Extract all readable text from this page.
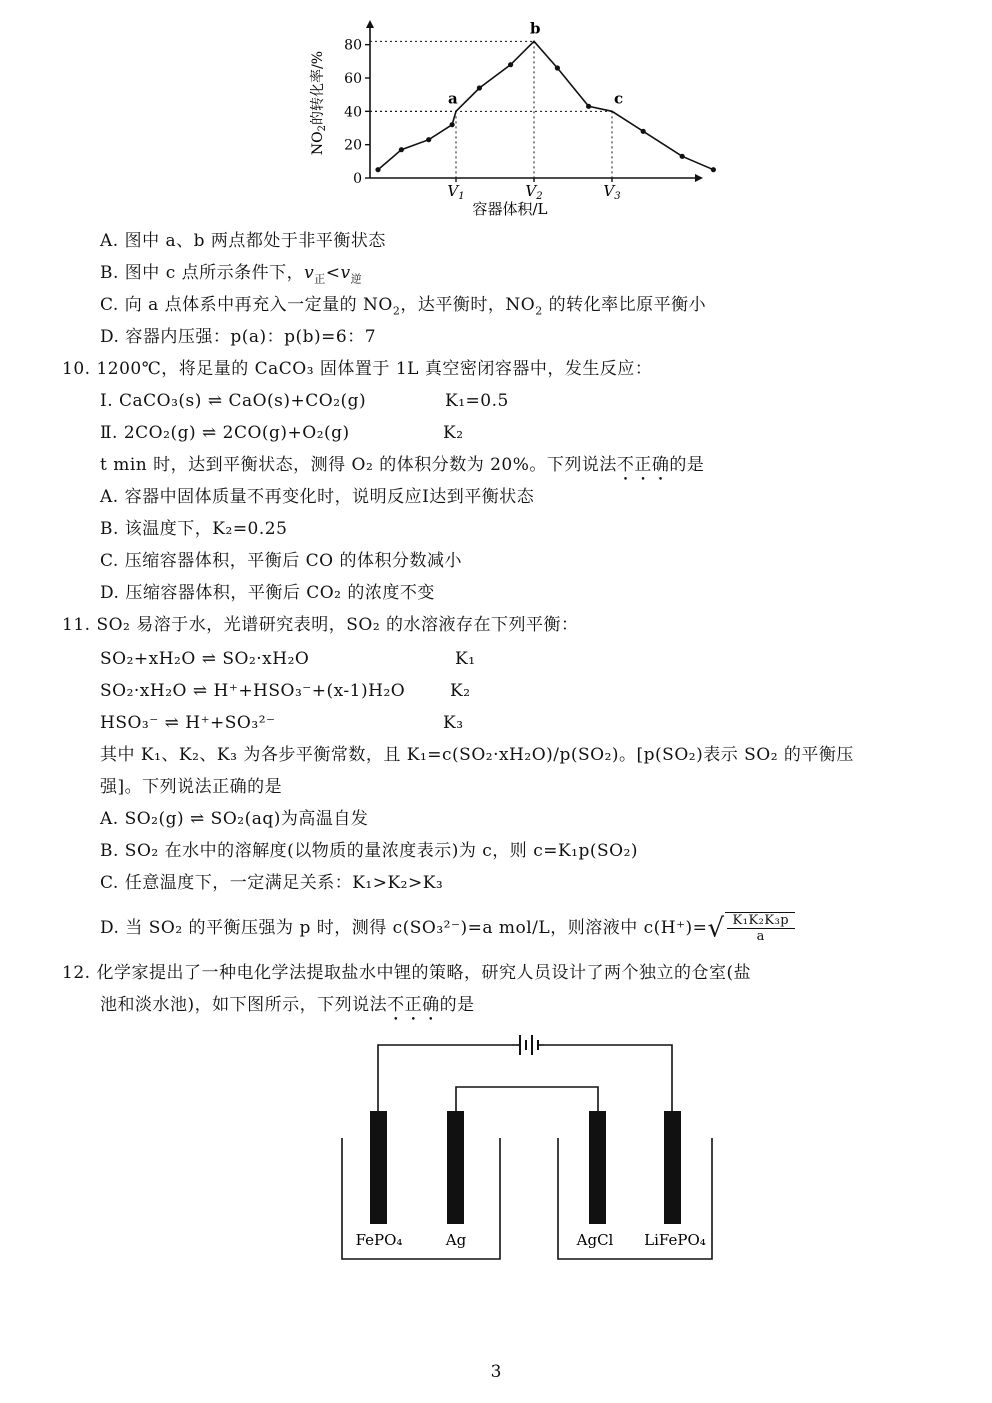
0
20
40
60
80
$V_1$	$V_2$	$V_3$
a
b
c
$NO_2$的转化率/%
容器体积/L
A. 图中 a、b 两点都处于非平衡状态
B. 图中 c 点所示条件下，$v_正<v_逆$
C. 向 a 点体系中再充入一定量的 $NO_2$，达平衡时，$NO_2$ 的转化率比原平衡小
D. 容器内压强：p(a)：p(b)=6：7
10. 1200℃，将足量的 CaCO₃ 固体置于 1L 真空密闭容器中，发生反应：
Ⅰ. CaCO₃(s) ⇌ CaO(s)+CO₂(g)	K₁=0.5
Ⅱ. 2CO₂(g) ⇌ 2CO(g)+O₂(g)	K₂
t min 时，达到平衡状态，测得 O₂ 的体积分数为 20%。下列说法不正确的是
A. 容器中固体质量不再变化时，说明反应Ⅰ达到平衡状态
B. 该温度下，K₂=0.25
C. 压缩容器体积，平衡后 CO 的体积分数减小
D. 压缩容器体积，平衡后 CO₂ 的浓度不变
11. SO₂ 易溶于水，光谱研究表明，SO₂ 的水溶液存在下列平衡：
SO₂+xH₂O ⇌ SO₂·xH₂O	K₁
SO₂·xH₂O ⇌ H⁺+HSO₃⁻+(x-1)H₂O	K₂
HSO₃⁻ ⇌ H⁺+SO₃²⁻	K₃
其中 K₁、K₂、K₃ 为各步平衡常数，且 K₁=c(SO₂·xH₂O)/p(SO₂)。[p(SO₂)表示 SO₂ 的平衡压
强]。下列说法正确的是
A. SO₂(g) ⇌ SO₂(aq)为高温自发
B. SO₂ 在水中的溶解度(以物质的量浓度表示)为 c，则 c=K₁p(SO₂)
C. 任意温度下，一定满足关系：K₁>K₂>K₃
D. 当 SO₂ 的平衡压强为 p 时，测得 c(SO₃²⁻)=a mol/L，则溶液中 $c(H^+)=√ \frac{\text{K₁K₂K₃p}}{a}$
12. 化学家提出了一种电化学法提取盐水中锂的策略，研究人员设计了两个独立的仓室(盐
池和淡水池)，如下图所示，下列说法不正确的是
FePO₄	Ag	AgCl LiFePO₄
3
